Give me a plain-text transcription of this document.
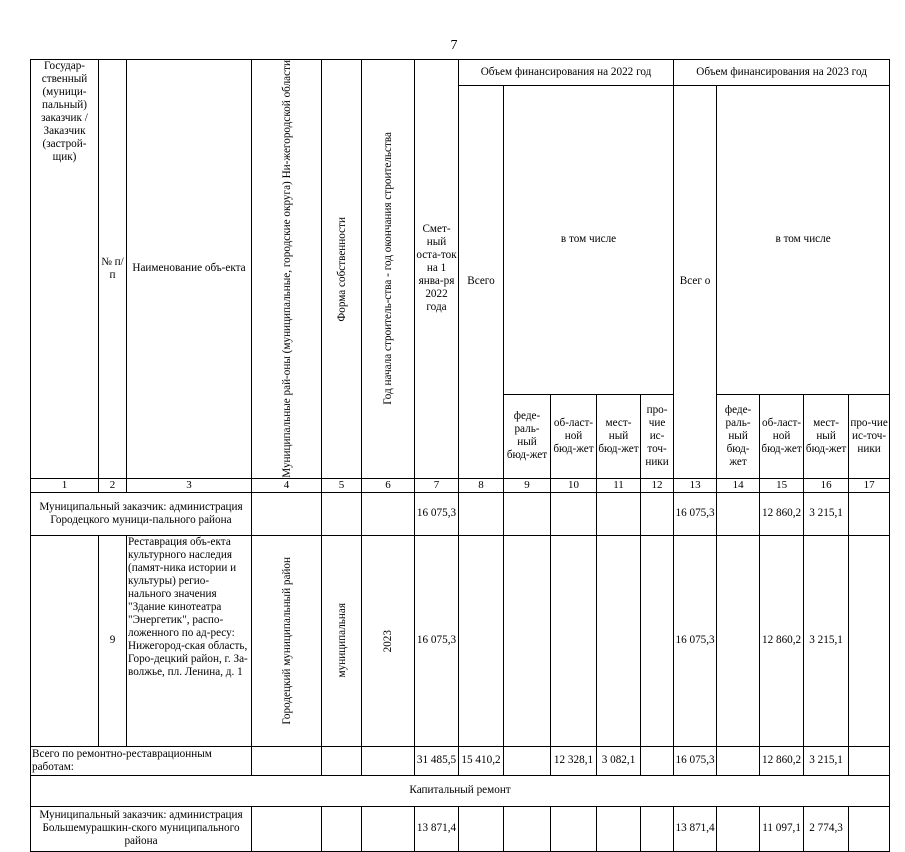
7
Государ-ственный (муници-пальный) заказчик / Заказчик (застрой-щик)	№ п/п	Наименование объ-екта	Муниципальные рай-оны (муниципальные, городские округа) Ни-жегородской области	Форма собственности	Год начала строитель-ства - год окончания строительства	Смет-ный оста-ток на 1 янва-ря 2022 года	Объем финансирования на 2022 год					Объем финансирования на 2023 год				
							Всего	в том числе				Всег о	в том числе			
								феде-раль-ный бюд-жет	об-ласт-ной бюд-жет	мест-ный бюд-жет	про-чие ис-точ-ники		феде-раль-ный бюд-жет	об-ласт-ной бюд-жет	мест-ный бюд-жет	про-чие ис-точ-ники
1	2	3	4	5	6	7	8	9	10	11	12	13	14	15	16	17
Муниципальный заказчик: администрация Городецкого муници-пального района						16 075,3						16 075,3		12 860,2	3 215,1	
	9	Реставрация объ-екта культурного наследия (памят-ника истории и культуры) регио-нального значения "Здание кинотеатра "Энергетик", распо-ложенного по ад-ресу: Нижегород-ская область, Горо-децкий район, г. За-волжье, пл. Ленина, д. 1	Городецкий муниципальный район	муниципальная	2023	16 075,3						16 075,3		12 860,2	3 215,1	
Всего по ремонтно-реставрационным работам:						31 485,5	15 410,2		12 328,1	3 082,1		16 075,3		12 860,2	3 215,1	
Капитальный ремонт																
Муниципальный заказчик: администрация Большемурашкин-ского муниципального района						13 871,4						13 871,4		11 097,1	2 774,3	
